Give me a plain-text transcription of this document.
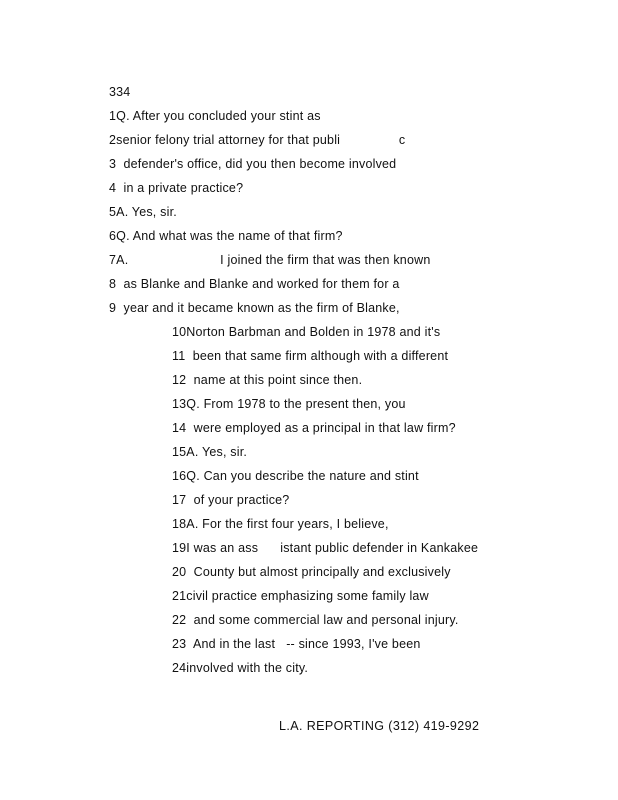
334
1Q. After you concluded your stint as
2senior felony trial attorney for that publi                c
3  defender's office, did you then become involved
4  in a private practice?
5A. Yes, sir.
6Q. And what was the name of that firm?
7A.                         I joined the firm that was then known
8  as Blanke and Blanke and worked for them for a
9  year and it became known as the firm of Blanke,
10Norton Barbman and Bolden in 1978 and it's
11  been that same firm although with a different
12  name at this point since then.
13Q. From 1978 to the present then, you
14  were employed as a principal in that law firm?
15A. Yes, sir.
16Q. Can you describe the nature and stint
17  of your practice?
18A. For the first four years, I believe,
19I was an ass      istant public defender in Kankakee
20  County but almost principally and exclusively
21civil practice emphasizing some family law
22  and some commercial law and personal injury.
23  And in the last   -- since 1993, I've been
24involved with the city.
L.A. REPORTING (312) 419-9292
